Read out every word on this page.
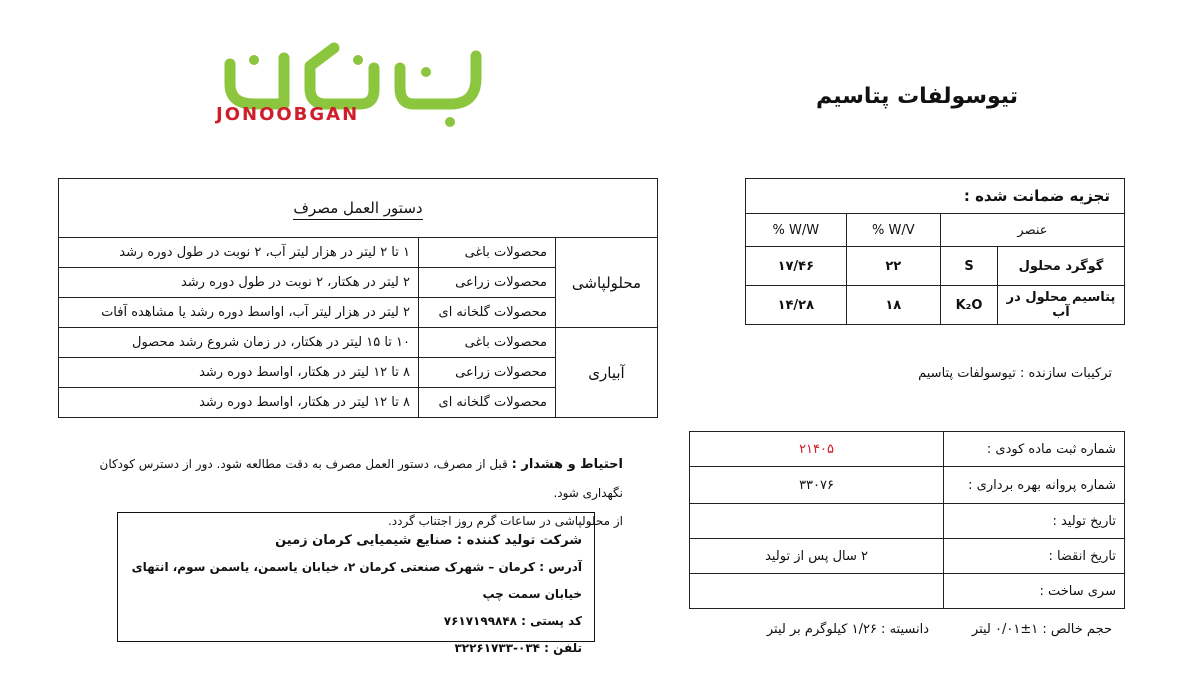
JONOOBGAN
تیوسولفات پتاسیم
تجزیه ضمانت شده :			
عنصر		% W/V	% W/W
گوگرد محلول	S	۲۲	۱۷/۴۶
پتاسیم محلول در آب	K₂O	۱۸	۱۴/۲۸
ترکیبات سازنده : تیوسولفات پتاسیم
دستور العمل مصرف		
محلولپاشی	محصولات باغی	۱ تا ۲ لیتر در هزار لیتر آب، ۲ نوبت در طول دوره رشد
	محصولات زراعی	۲ لیتر در هکتار، ۲ نوبت در طول دوره رشد
	محصولات گلخانه ای	۲ لیتر در هزار لیتر آب، اواسط دوره رشد یا مشاهده آفات
آبیاری	محصولات باغی	۱۰ تا ۱۵ لیتر در هکتار، در زمان شروع رشد محصول
	محصولات زراعی	۸ تا ۱۲ لیتر در هکتار، اواسط دوره رشد
	محصولات گلخانه ای	۸ تا ۱۲ لیتر در هکتار، اواسط دوره رشد
احتیاط و هشدار : قبل از مصرف، دستور العمل مصرف به دقت مطالعه شود. دور از دسترس کودکان نگهداری شود.
از محلولپاشی در ساعات گرم روز اجتناب گردد.
شرکت تولید کننده : صنایع شیمیایی کرمان زمین
آدرس : کرمان – شهرک صنعتی کرمان ۲، خیابان یاسمن، یاسمن سوم، انتهای خیابان سمت چپ
کد پستی : ۷۶۱۷۱۹۹۸۴۸
تلفن : ۰۳۴-۳۲۲۶۱۷۳۳
شماره ثبت ماده کودی :	۲۱۴۰۵
شماره پروانه بهره برداری :	۳۳۰۷۶
تاریخ تولید :	
تاریخ انقضا :	۲ سال پس از تولید
سری ساخت :	
حجم خالص : ۱±۰/۰۱ لیتر
دانسیته : ۱/۲۶ کیلوگرم بر لیتر
